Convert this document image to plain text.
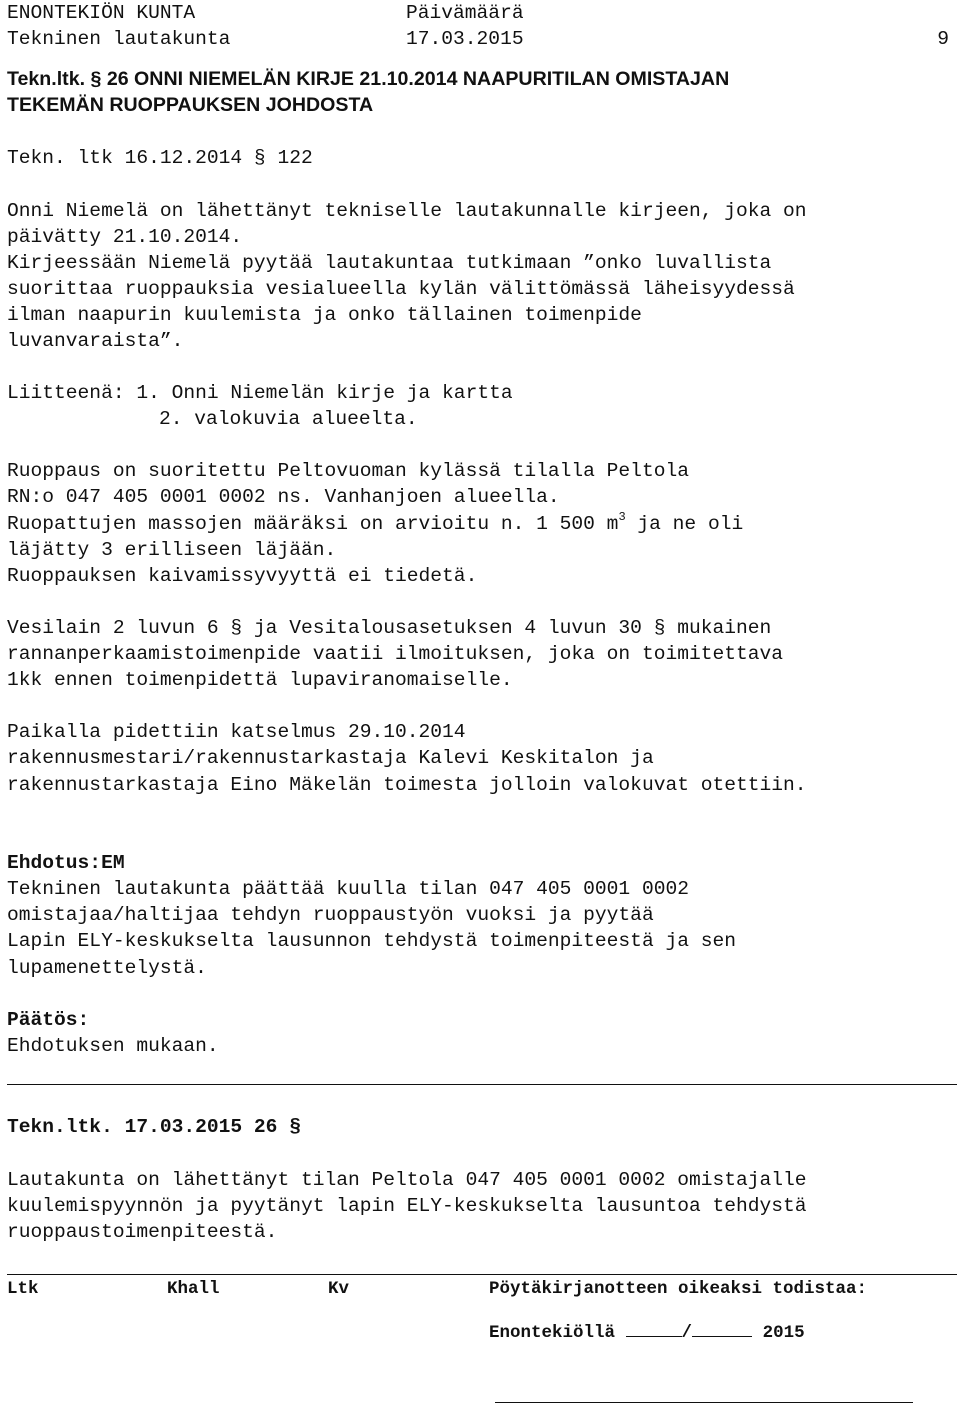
ENONTEKIÖN KUNTA	Päivämäärä
Tekninen lautakunta	17.03.2015	9
Tekn.ltk. § 26 ONNI NIEMELÄN KIRJE 21.10.2014 NAAPURITILAN OMISTAJAN
TEKEMÄN RUOPPAUKSEN JOHDOSTA
Tekn. ltk 16.12.2014 § 122
Onni Niemelä on lähettänyt tekniselle lautakunnalle kirjeen, joka on
päivätty 21.10.2014.
Kirjeessään Niemelä pyytää lautakuntaa tutkimaan ”onko luvallista
suorittaa ruoppauksia vesialueella kylän välittömässä läheisyydessä
ilman naapurin kuulemista ja onko tällainen toimenpide
luvanvaraista”.
Liitteenä: 1. Onni Niemelän kirje ja kartta
2. valokuvia alueelta.
Ruoppaus on suoritettu Peltovuoman kylässä tilalla Peltola
RN:o 047 405 0001 0002 ns. Vanhanjoen alueella.
Ruopattujen massojen määräksi on arvioitu n. 1 500 $m^3$ ja ne oli
läjätty 3 erilliseen läjään.
Ruoppauksen kaivamissyvyyttä ei tiedetä.
Vesilain 2 luvun 6 § ja Vesitalousasetuksen 4 luvun 30 § mukainen
rannanperkaamistoimenpide vaatii ilmoituksen, joka on toimitettava
1kk ennen toimenpidettä lupaviranomaiselle.
Paikalla pidettiin katselmus 29.10.2014
rakennusmestari/rakennustarkastaja Kalevi Keskitalon ja
rakennustarkastaja Eino Mäkelän toimesta jolloin valokuvat otettiin.
Ehdotus:EM
Tekninen lautakunta päättää kuulla tilan 047 405 0001 0002
omistajaa/haltijaa tehdyn ruoppaustyön vuoksi ja pyytää
Lapin ELY-keskukselta lausunnon tehdystä toimenpiteestä ja sen
lupamenettelystä.
Päätös:
Ehdotuksen mukaan.
Tekn.ltk. 17.03.2015 26 §
Lautakunta on lähettänyt tilan Peltola 047 405 0001 0002 omistajalle
kuulemispyynnön ja pyytänyt lapin ELY-keskukselta lausuntoa tehdystä
ruoppaustoimenpiteestä.
Ltk	Khall	Kv	Pöytäkirjanotteen oikeaksi todistaa:
Enontekiöllä	/	2015
